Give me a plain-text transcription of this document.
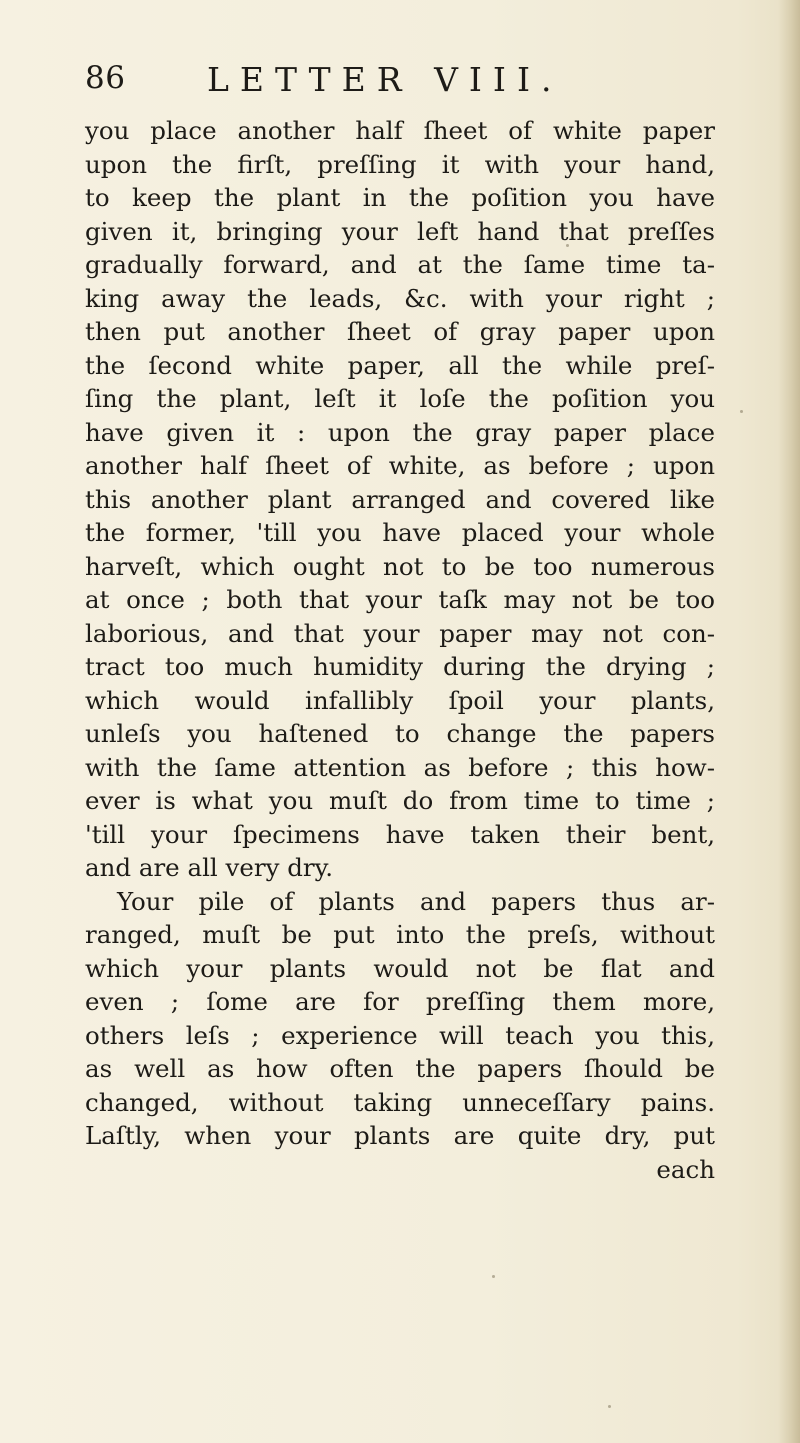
86 LETTER VIII.
you place another half ſheet of white paper
upon the firſt, preſſing it with your hand,
to keep the plant in the poſition you have
given it, bringing your left hand that preſſes
gradually forward, and at the ſame time ta-
king away the leads, &c. with your right ;
then put another ſheet of gray paper upon
the ſecond white paper, all the while preſ-
ſing the plant, leſt it loſe the poſition you
have given it : upon the gray paper place
another half ſheet of white, as before ; upon
this another plant arranged and covered like
the former, 'till you have placed your whole
harveſt, which ought not to be too numerous
at once ; both that your taſk may not be too
laborious, and that your paper may not con-
tract too much humidity during the drying ;
which would infallibly ſpoil your plants,
unleſs you haſtened to change the papers
with the ſame attention as before ; this how-
ever is what you muſt do from time to time ;
'till your ſpecimens have taken their bent,
and are all very dry.
Your pile of plants and papers thus ar-
ranged, muſt be put into the preſs, without
which your plants would not be flat and
even ; ſome are for preſſing them more,
others leſs ; experience will teach you this,
as well as how often the papers ſhould be
changed, without taking unneceſſary pains.
Laſtly, when your plants are quite dry, put
each
